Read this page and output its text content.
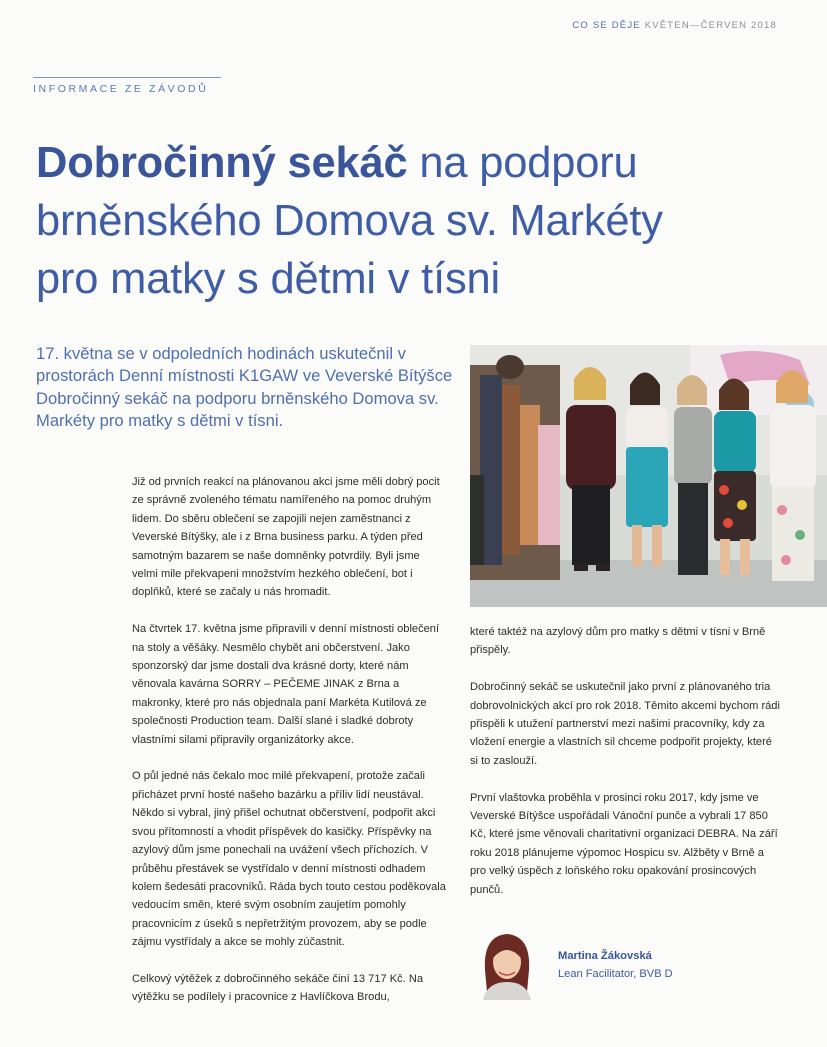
CO SE DĚJE KVĚTEN—ČERVEN 2018
INFORMACE ZE ZÁVODŮ
Dobročinný sekáč na podporu
brněnského Domova sv. Markéty
pro matky s dětmi v tísni

17. května se v odpoledních hodinách uskutečnil v prostorách Denní místnosti K1GAW ve Veverské Bítýšce Dobročinný sekáč na podporu brněnského Domova sv. Markéty pro matky s dětmi v tísni.

Již od prvních reakcí na plánovanou akci jsme měli dobrý pocit ze správně zvoleného tématu namířeného na pomoc druhým lidem. Do sběru oblečení se zapojili nejen zaměstnanci z Veverské Bítýšky, ale i z Brna business parku. A týden před samotným bazarem se naše domněnky potvrdily. Byli jsme velmi mile překvapeni množstvím hezkého oblečení, bot i doplňků, které se začaly u nás hromadit.

Na čtvrtek 17. května jsme připravili v denní místnosti oblečení na stoly a věšáky. Nesmělo chybět ani občerstvení. Jako sponzorský dar jsme dostali dva krásné dorty, které nám věnovala kavárna SORRY – PEČEME JINAK z Brna a makronky, které pro nás objednala paní Markéta Kutilová ze společnosti Production team. Další slané i sladké dobroty vlastními silami připravily organizátorky akce.

O půl jedné nás čekalo moc milé překvapení, protože začali přicházet první hosté našeho bazárku a příliv lidí neustával. Někdo si vybral, jiný přišel ochutnat občerstvení, podpořit akci svou přítomností a vhodit příspěvek do kasičky. Příspěvky na azylový dům jsme ponechali na uvážení všech příchozích. V průběhu přestávek se vystřídalo v denní místnosti odhadem kolem šedesáti pracovníků. Ráda bych touto cestou poděkovala vedoucím směn, které svým osobním zaujetím pomohly pracovnicím z úseků s nepřetržitým provozem, aby se podle zájmu vystřídaly a akce se mohly zúčastnit.

Celkový výtěžek z dobročinného sekáče činí 13 717 Kč. Na výtěžku se podílely i pracovnice z Havlíčkova Brodu,

které taktéž na azylový dům pro matky s dětmi v tísni v Brně přispěly.

Dobročinný sekáč se uskutečnil jako první z plánovaného tria dobrovolnických akcí pro rok 2018. Těmito akcemi bychom rádi přispěli k utužení partnerství mezi našimi pracovníky, kdy za vložení energie a vlastních sil chceme podpořit projekty, které si to zaslouží.

První vlaštovka proběhla v prosinci roku 2017, kdy jsme ve Veverské Bítýšce uspořádali Vánoční punče a vybrali 17 850 Kč, které jsme věnovali charitativní organizaci DEBRA. Na září roku 2018 plánujeme výpomoc Hospicu sv. Alžběty v Brně a pro velký úspěch z loňského roku opakování prosincových punčů.

Martina Žákovská
Lean Facilitator, BVB D
